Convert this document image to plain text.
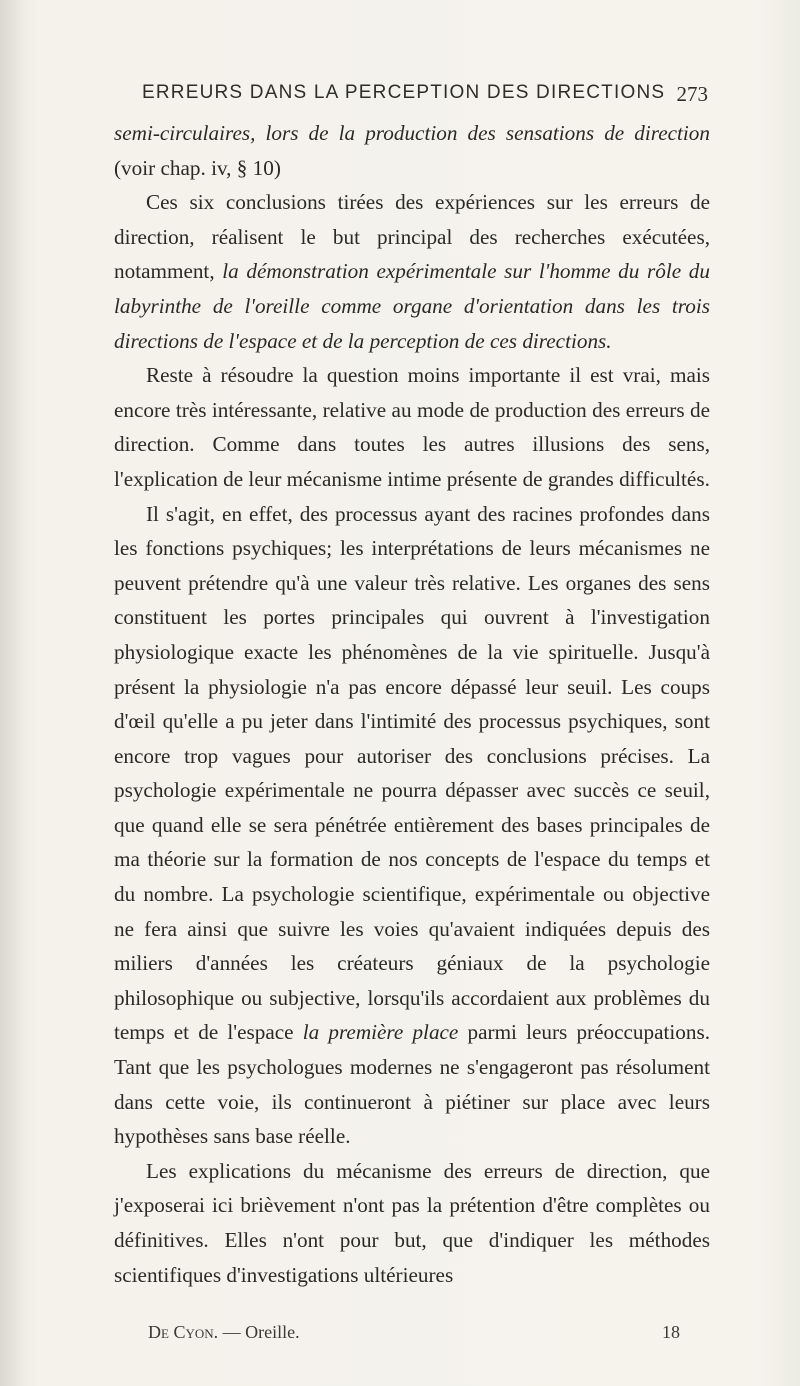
ERREURS DANS LA PERCEPTION DES DIRECTIONS 273

semi-circulaires, lors de la production des sensations de direction (voir chap. iv, § 10)

Ces six conclusions tirées des expériences sur les erreurs de direction, réalisent le but principal des recherches exécutées, notamment, la démonstration expérimentale sur l'homme du rôle du labyrinthe de l'oreille comme organe d'orientation dans les trois directions de l'espace et de la perception de ces directions.

Reste à résoudre la question moins importante il est vrai, mais encore très intéressante, relative au mode de production des erreurs de direction. Comme dans toutes les autres illusions des sens, l'explication de leur mécanisme intime présente de grandes difficultés.

Il s'agit, en effet, des processus ayant des racines profondes dans les fonctions psychiques; les interprétations de leurs mécanismes ne peuvent prétendre qu'à une valeur très relative. Les organes des sens constituent les portes principales qui ouvrent à l'investigation physiologique exacte les phénomènes de la vie spirituelle. Jusqu'à présent la physiologie n'a pas encore dépassé leur seuil. Les coups d'œil qu'elle a pu jeter dans l'intimité des processus psychiques, sont encore trop vagues pour autoriser des conclusions précises. La psychologie expérimentale ne pourra dépasser avec succès ce seuil, que quand elle se sera pénétrée entièrement des bases principales de ma théorie sur la formation de nos concepts de l'espace du temps et du nombre. La psychologie scientifique, expérimentale ou objective ne fera ainsi que suivre les voies qu'avaient indiquées depuis des miliers d'années les créateurs géniaux de la psychologie philosophique ou subjective, lorsqu'ils accordaient aux problèmes du temps et de l'espace la première place parmi leurs préoccupations. Tant que les psychologues modernes ne s'engageront pas résolument dans cette voie, ils continueront à piétiner sur place avec leurs hypothèses sans base réelle.

Les explications du mécanisme des erreurs de direction, que j'exposerai ici brièvement n'ont pas la prétention d'être complètes ou définitives. Elles n'ont pour but, que d'indiquer les méthodes scientifiques d'investigations ultérieures

De Cyon. — Oreille.	18
